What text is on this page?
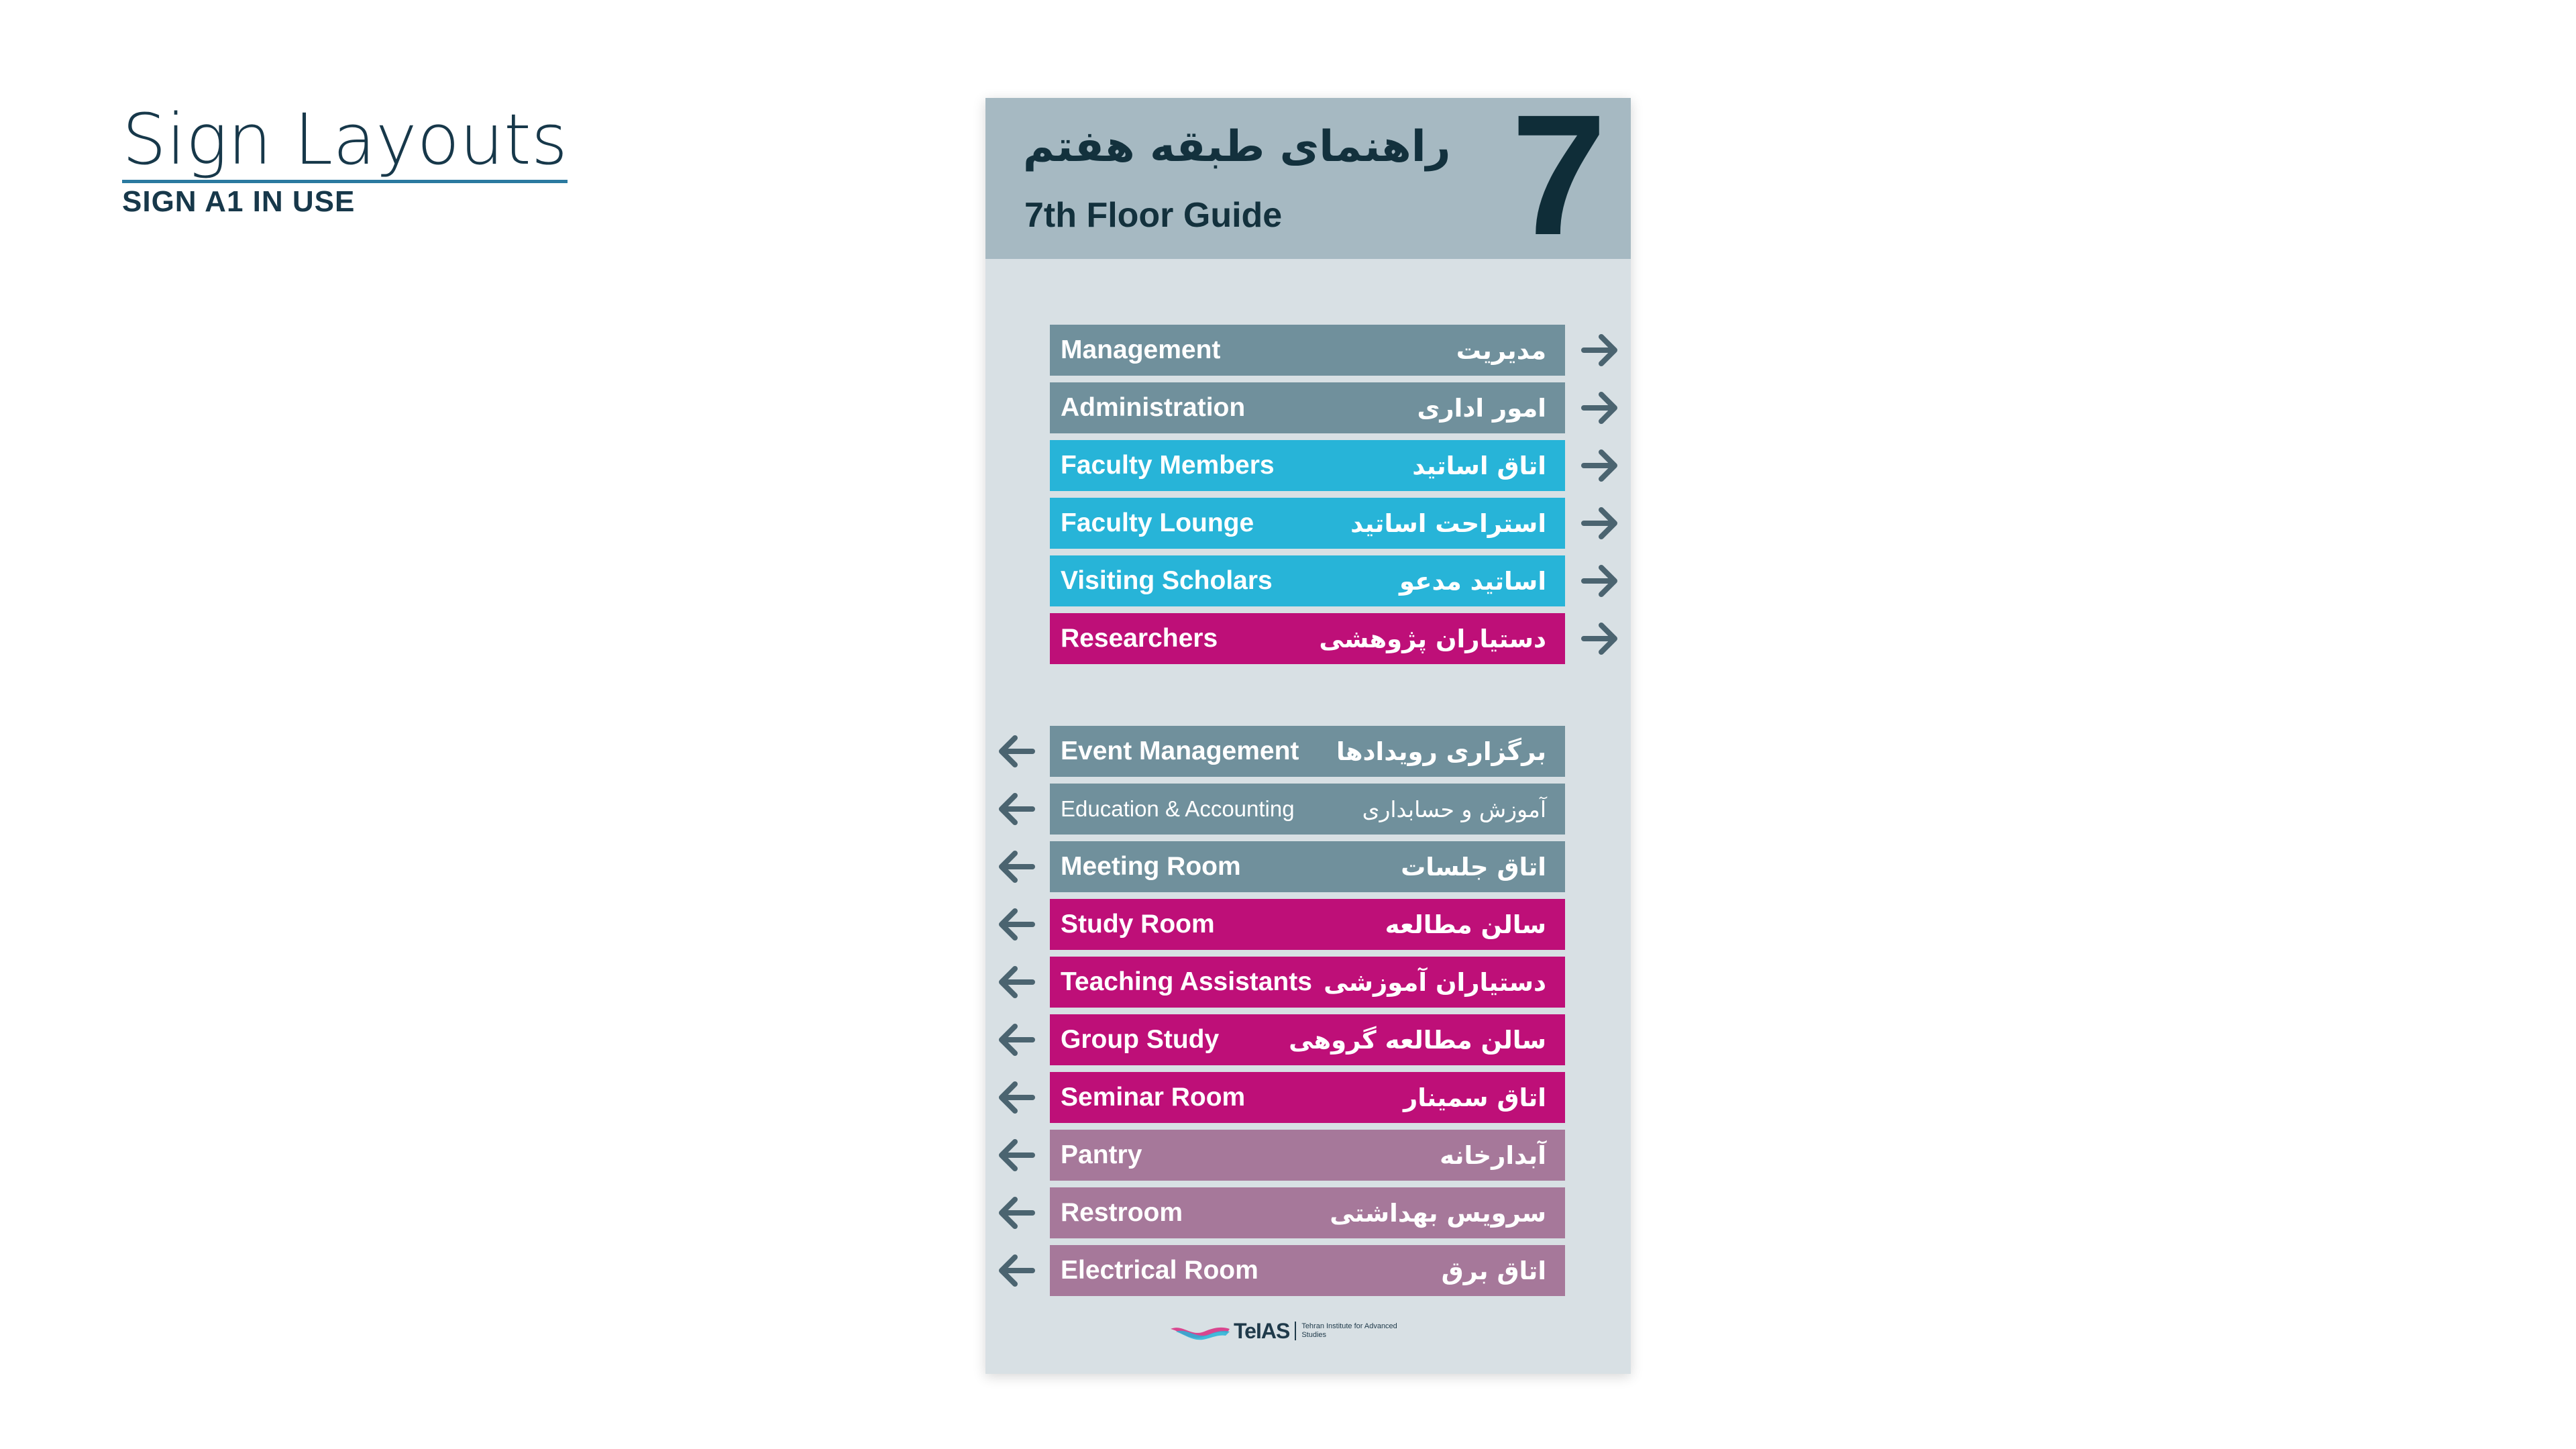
Sign Layouts
SIGN A1 IN USE
راهنمای طبقه هفتم
7th Floor Guide 7
Management	مدیریت
Administration	امور اداری
Faculty Members	اتاق اساتید
Faculty Lounge	استراحت اساتید
Visiting Scholars	اساتید مدعو
Researchers	دستیاران پژوهشی
Event Management برگزاری رویدادها
Education & Accounting	آموزش و حسابداری
Meeting Room	اتاق جلسات
Study Room	سالن مطالعه
Teaching Assistants دستیاران آموزشی
Group Study	سالن مطالعه گروهی
Seminar Room	اتاق سمینار
Pantry	آبدارخانه
Restroom	سرویس بهداشتی
Electrical Room	اتاق برق
TeIAS Tehran Institute for Advanced Studies
